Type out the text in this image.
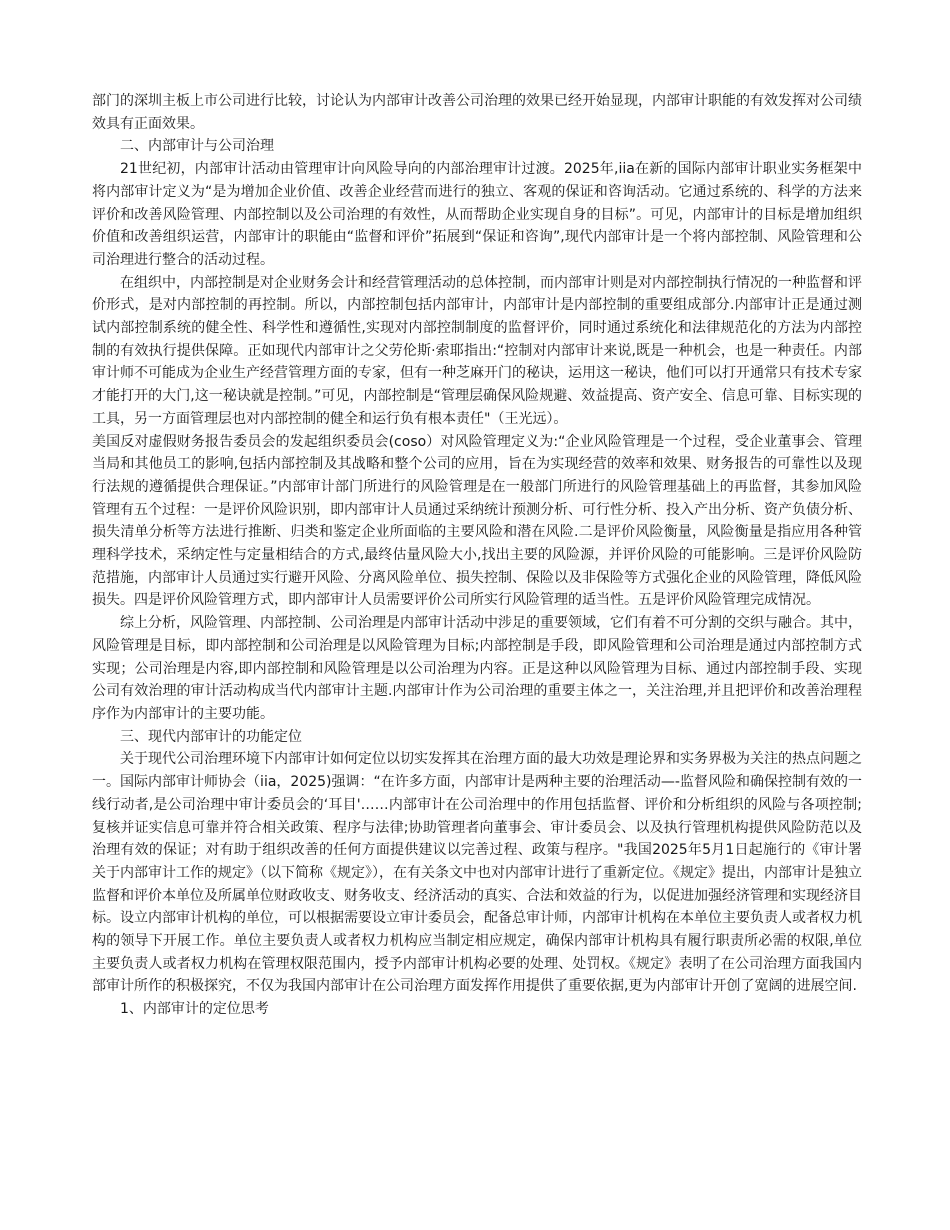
部门的深圳主板上市公司进行比较，讨论认为内部审计改善公司治理的效果已经开始显现，内部审计职能的有效发挥对公司绩效具有正面效果。

二、内部审计与公司治理

21世纪初，内部审计活动由管理审计向风险导向的内部治理审计过渡。2025年,iia在新的国际内部审计职业实务框架中将内部审计定义为“是为增加企业价值、改善企业经营而进行的独立、客观的保证和咨询活动。它通过系统的、科学的方法来评价和改善风险管理、内部控制以及公司治理的有效性，从而帮助企业实现自身的目标”。可见，内部审计的目标是增加组织价值和改善组织运营，内部审计的职能由“监督和评价”拓展到“保证和咨询”,现代内部审计是一个将内部控制、风险管理和公司治理进行整合的活动过程。

在组织中，内部控制是对企业财务会计和经营管理活动的总体控制，而内部审计则是对内部控制执行情况的一种监督和评价形式，是对内部控制的再控制。所以，内部控制包括内部审计，内部审计是内部控制的重要组成部分.内部审计正是通过测试内部控制系统的健全性、科学性和遵循性,实现对内部控制制度的监督评价，同时通过系统化和法律规范化的方法为内部控制的有效执行提供保障。正如现代内部审计之父劳伦斯·索耶指出:“控制对内部审计来说,既是一种机会，也是一种责任。内部审计师不可能成为企业生产经营管理方面的专家，但有一种芝麻开门的秘诀，运用这一秘诀，他们可以打开通常只有技术专家才能打开的大门,这一秘诀就是控制。”可见，内部控制是“管理层确保风险规避、效益提高、资产安全、信息可靠、目标实现的工具，另一方面管理层也对内部控制的健全和运行负有根本责任"（王光远）。

美国反对虚假财务报告委员会的发起组织委员会(coso）对风险管理定义为:“企业风险管理是一个过程，受企业董事会、管理当局和其他员工的影响,包括内部控制及其战略和整个公司的应用，旨在为实现经营的效率和效果、财务报告的可靠性以及现行法规的遵循提供合理保证。”内部审计部门所进行的风险管理是在一般部门所进行的风险管理基础上的再监督，其参加风险管理有五个过程：一是评价风险识别，即内部审计人员通过采纳统计预测分析、可行性分析、投入产出分析、资产负债分析、损失清单分析等方法进行推断、归类和鉴定企业所面临的主要风险和潜在风险.二是评价风险衡量，风险衡量是指应用各种管理科学技术，采纳定性与定量相结合的方式,最终估量风险大小,找出主要的风险源，并评价风险的可能影响。三是评价风险防范措施，内部审计人员通过实行避开风险、分离风险单位、损失控制、保险以及非保险等方式强化企业的风险管理，降低风险损失。四是评价风险管理方式，即内部审计人员需要评价公司所实行风险管理的适当性。五是评价风险管理完成情况。

综上分析，风险管理、内部控制、公司治理是内部审计活动中涉足的重要领域，它们有着不可分割的交织与融合。其中，风险管理是目标，即内部控制和公司治理是以风险管理为目标;内部控制是手段，即风险管理和公司治理是通过内部控制方式实现；公司治理是内容,即内部控制和风险管理是以公司治理为内容。正是这种以风险管理为目标、通过内部控制手段、实现公司有效治理的审计活动构成当代内部审计主题.内部审计作为公司治理的重要主体之一，关注治理,并且把评价和改善治理程序作为内部审计的主要功能。

三、现代内部审计的功能定位

关于现代公司治理环境下内部审计如何定位以切实发挥其在治理方面的最大功效是理论界和实务界极为关注的热点问题之一。国际内部审计师协会（iia，2025)强调：“在许多方面，内部审计是两种主要的治理活动—-监督风险和确保控制有效的一线行动者,是公司治理中审计委员会的‘耳目'……内部审计在公司治理中的作用包括监督、评价和分析组织的风险与各项控制;复核并证实信息可靠并符合相关政策、程序与法律;协助管理者向董事会、审计委员会、以及执行管理机构提供风险防范以及治理有效的保证；对有助于组织改善的任何方面提供建议以完善过程、政策与程序。"我国2025年5月1日起施行的《审计署关于内部审计工作的规定》（以下简称《规定》），在有关条文中也对内部审计进行了重新定位。《规定》提出，内部审计是独立监督和评价本单位及所属单位财政收支、财务收支、经济活动的真实、合法和效益的行为，以促进加强经济管理和实现经济目标。设立内部审计机构的单位，可以根据需要设立审计委员会，配备总审计师，内部审计机构在本单位主要负责人或者权力机构的领导下开展工作。单位主要负责人或者权力机构应当制定相应规定，确保内部审计机构具有履行职责所必需的权限,单位主要负责人或者权力机构在管理权限范围内，授予内部审计机构必要的处理、处罚权。《规定》表明了在公司治理方面我国内部审计所作的积极探究，不仅为我国内部审计在公司治理方面发挥作用提供了重要依据,更为内部审计开创了宽阔的进展空间.

1、内部审计的定位思考
